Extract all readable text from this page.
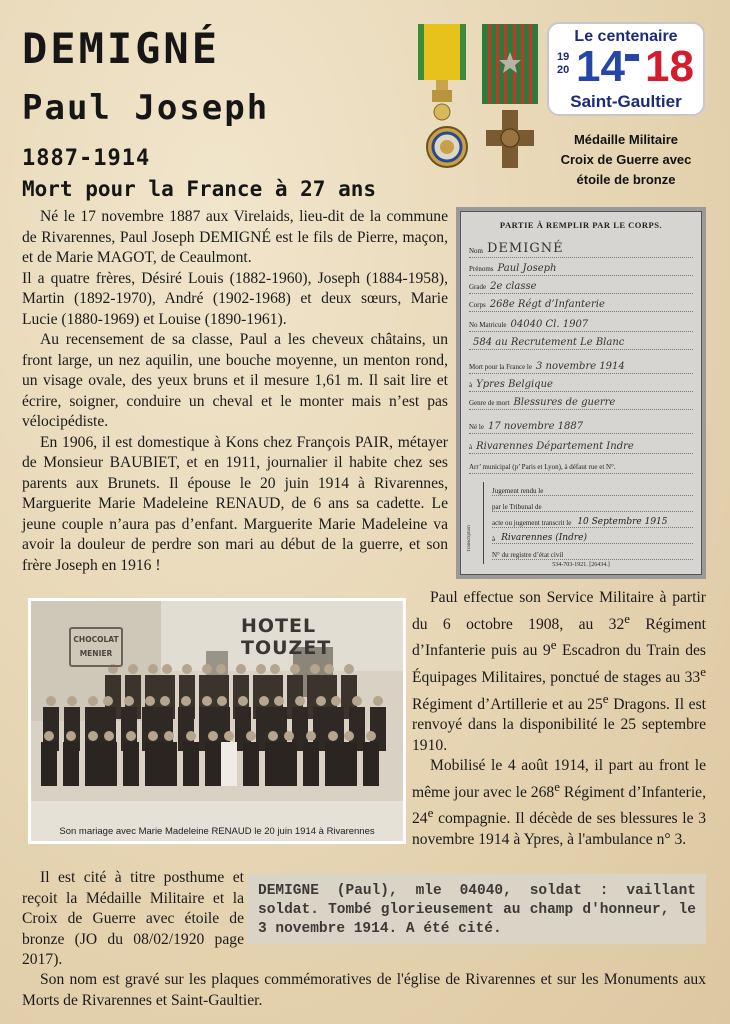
DEMIGNÉ
Paul Joseph
1887-1914
Mort pour la France à 27 ans
Le centenaire
19
20 14 18
Saint-Gaultier
Médaille Militaire
Croix de Guerre avec
étoile de bronze

Né le 17 novembre 1887 aux Virelaids, lieu-dit de la commune de Rivarennes, Paul Joseph DEMIGNÉ est le fils de Pierre, maçon, et de Marie MAGOT, de Ceaulmont.

Il a quatre frères, Désiré Louis (1882-1960), Joseph (1884-1958), Martin (1892-1970), André (1902-1968) et deux sœurs, Marie Lucie (1880-1969) et Louise (1890-1961).

Au recensement de sa classe, Paul a les cheveux châtains, un front large, un nez aquilin, une bouche moyenne, un menton rond, un visage ovale, des yeux bruns et il mesure 1,61 m. Il sait lire et écrire, soigner, conduire un cheval et le monter mais n’est pas vélocipédiste.

En 1906, il est domestique à Kons chez François PAIR, métayer de Monsieur BAUBIET, et en 1911, journalier il habite chez ses parents aux Brunets. Il épouse le 20 juin 1914 à Rivarennes, Marguerite Marie Madeleine RENAUD, de 6 ans sa cadette. Le jeune couple n’aura pas d’enfant. Marguerite Marie Madeleine va avoir la douleur de perdre son mari au début de la guerre, et son frère Joseph en 1916 !

PARTIE À REMPLIR PAR LE CORPS.
Nom DEMIGNÉ
Prénoms Paul Joseph
Grade 2e classe
Corps 268e Régt d’Infanterie
No Matricule 04040 Cl. 1907
584 au Recrutement Le Blanc
Mort pour la France le 3 novembre 1914
à Ypres Belgique
Genre de mort Blessures de guerre
Né le 17 novembre 1887
à Rivarennes Département Indre
Arr’ municipal (p’ Paris et Lyon), à défaut rue et N°.
Transcription
Jugement rendu le
par le Tribunal de
acte ou jugement transcrit le 10 Septembre 1915
à Rivarennes (Indre)
N° du registre d’état civil
534-703-1921. [26434.]
HOTEL TOUZET
CHOCOLAT
MENIER
Son mariage avec Marie Madeleine RENAUD le 20 juin 1914 à Rivarennes

Paul effectue son Service Militaire à partir du 6 octobre 1908, au 32e Régiment d’Infanterie puis au 9e Escadron du Train des Équipages Militaires, ponctué de stages au 33e Régiment d’Artillerie et au 25e Dragons. Il est renvoyé dans la disponibilité le 25 septembre 1910.

Mobilisé le 4 août 1914, il part au front le même jour avec le 268e Régiment d’Infanterie, 24e compagnie. Il décède de ses blessures le 3 novembre 1914 à Ypres, à l'ambulance n° 3.

Il est cité à titre posthume et reçoit la Médaille Militaire et la Croix de Guerre avec étoile de bronze (JO du 08/02/1920 page 2017).

DEMIGNE (Paul), mle 04040, soldat : vaillant soldat. Tombé glorieusement au champ d'honneur, le 3 novembre 1914. A été cité.

Son nom est gravé sur les plaques commémoratives de l'église de Rivarennes et sur les Monuments aux Morts de Rivarennes et Saint-Gaultier.
